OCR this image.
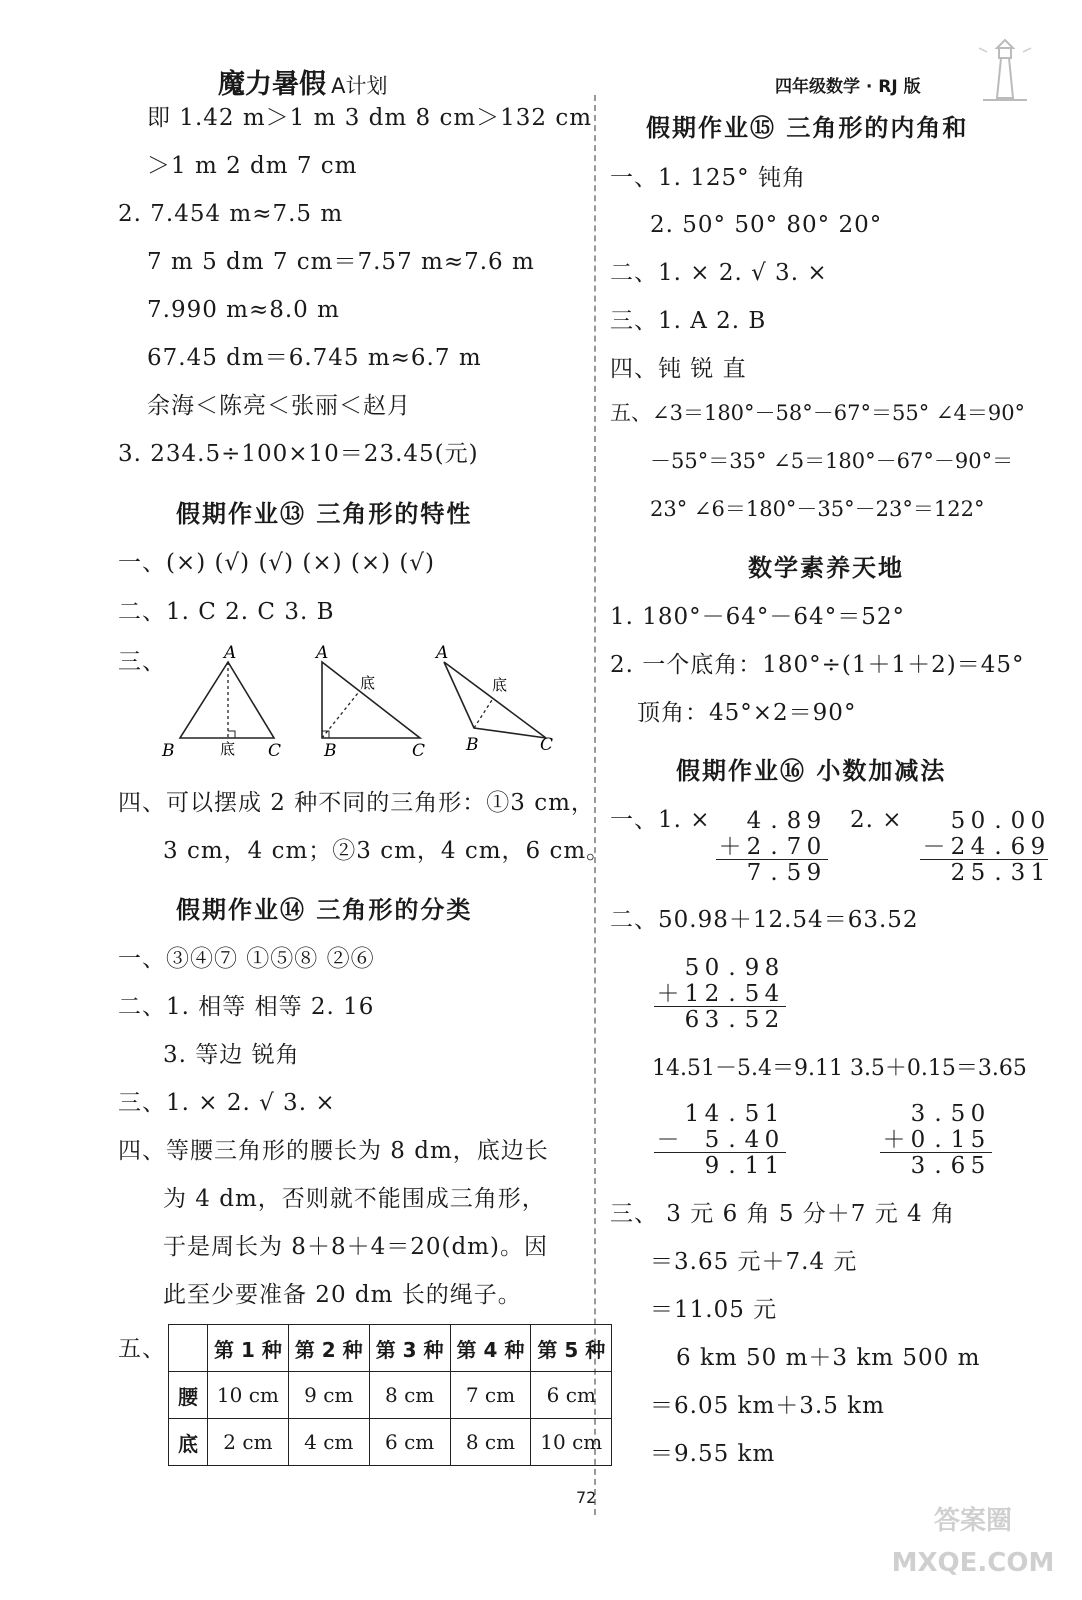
魔力暑假 A计划	四年级数学 · RJ 版
即 1.42 m＞1 m 3 dm 8 cm＞132 cm
＞1 m 2 dm 7 cm
2. 7.454 m≈7.5 m
7 m 5 dm 7 cm＝7.57 m≈7.6 m
7.990 m≈8.0 m
67.45 dm＝6.745 m≈6.7 m
余海＜陈亮＜张丽＜赵月
3. 234.5÷100×10＝23.45(元)
假期作业⑬ 三角形的特性
一、(×) (√) (√) (×) (×) (√)
二、1. C 2. C 3. B
三、	A
B	C
底
A
B	C
底
A
B	C
底
四、可以摆成 2 种不同的三角形：①3 cm，
3 cm，4 cm；②3 cm，4 cm，6 cm。
假期作业⑭ 三角形的分类
一、③④⑦ ①⑤⑧ ②⑥
二、1. 相等 相等 2. 16
3. 等边 锐角
三、1. × 2. √ 3. ×
四、等腰三角形的腰长为 8 dm，底边长
为 4 dm，否则就不能围成三角形，
于是周长为 8＋8＋4＝20(dm)。因
此至少要准备 20 dm 长的绳子。
五、
	第 1 种	第 2 种	第 3 种	第 4 种	第 5 种
腰	10 cm	9 cm	8 cm	7 cm	6 cm
底	2 cm	4 cm	6 cm	8 cm	10 cm
假期作业⑮ 三角形的内角和
一、1. 125° 钝角
2. 50° 50° 80° 20°
二、1. × 2. √ 3. ×
三、1. A 2. B
四、钝 锐 直
五、∠3＝180°－58°－67°＝55° ∠4＝90°
－55°＝35° ∠5＝180°－67°－90°＝
23° ∠6＝180°－35°－23°＝122°
数学素养天地
1. 180°－64°－64°＝52°
2. 一个底角：180°÷(1＋1＋2)＝45°
顶角：45°×2＝90°
假期作业⑯ 小数加减法
一、1. ×	2. ×
4 . 8 9
＋ 2 . 7 0
7 . 5 9
5 0 . 0 0
－ 2 4 . 6 9
2 5 . 3 1
二、50.98＋12.54＝63.52
5 0 . 9 8
＋ 1 2 . 5 4
6 3 . 5 2
14.51－5.4＝9.11 3.5＋0.15＝3.65
1 4 . 5 1
－ 5 . 4 0
9 . 1 1
3 . 5 0
＋ 0 . 1 5
3 . 6 5
三、 3 元 6 角 5 分＋7 元 4 角
＝3.65 元＋7.4 元
＝11.05 元
6 km 50 m＋3 km 500 m
＝6.05 km＋3.5 km
＝9.55 km
72
答案圈 MXQE.COM
